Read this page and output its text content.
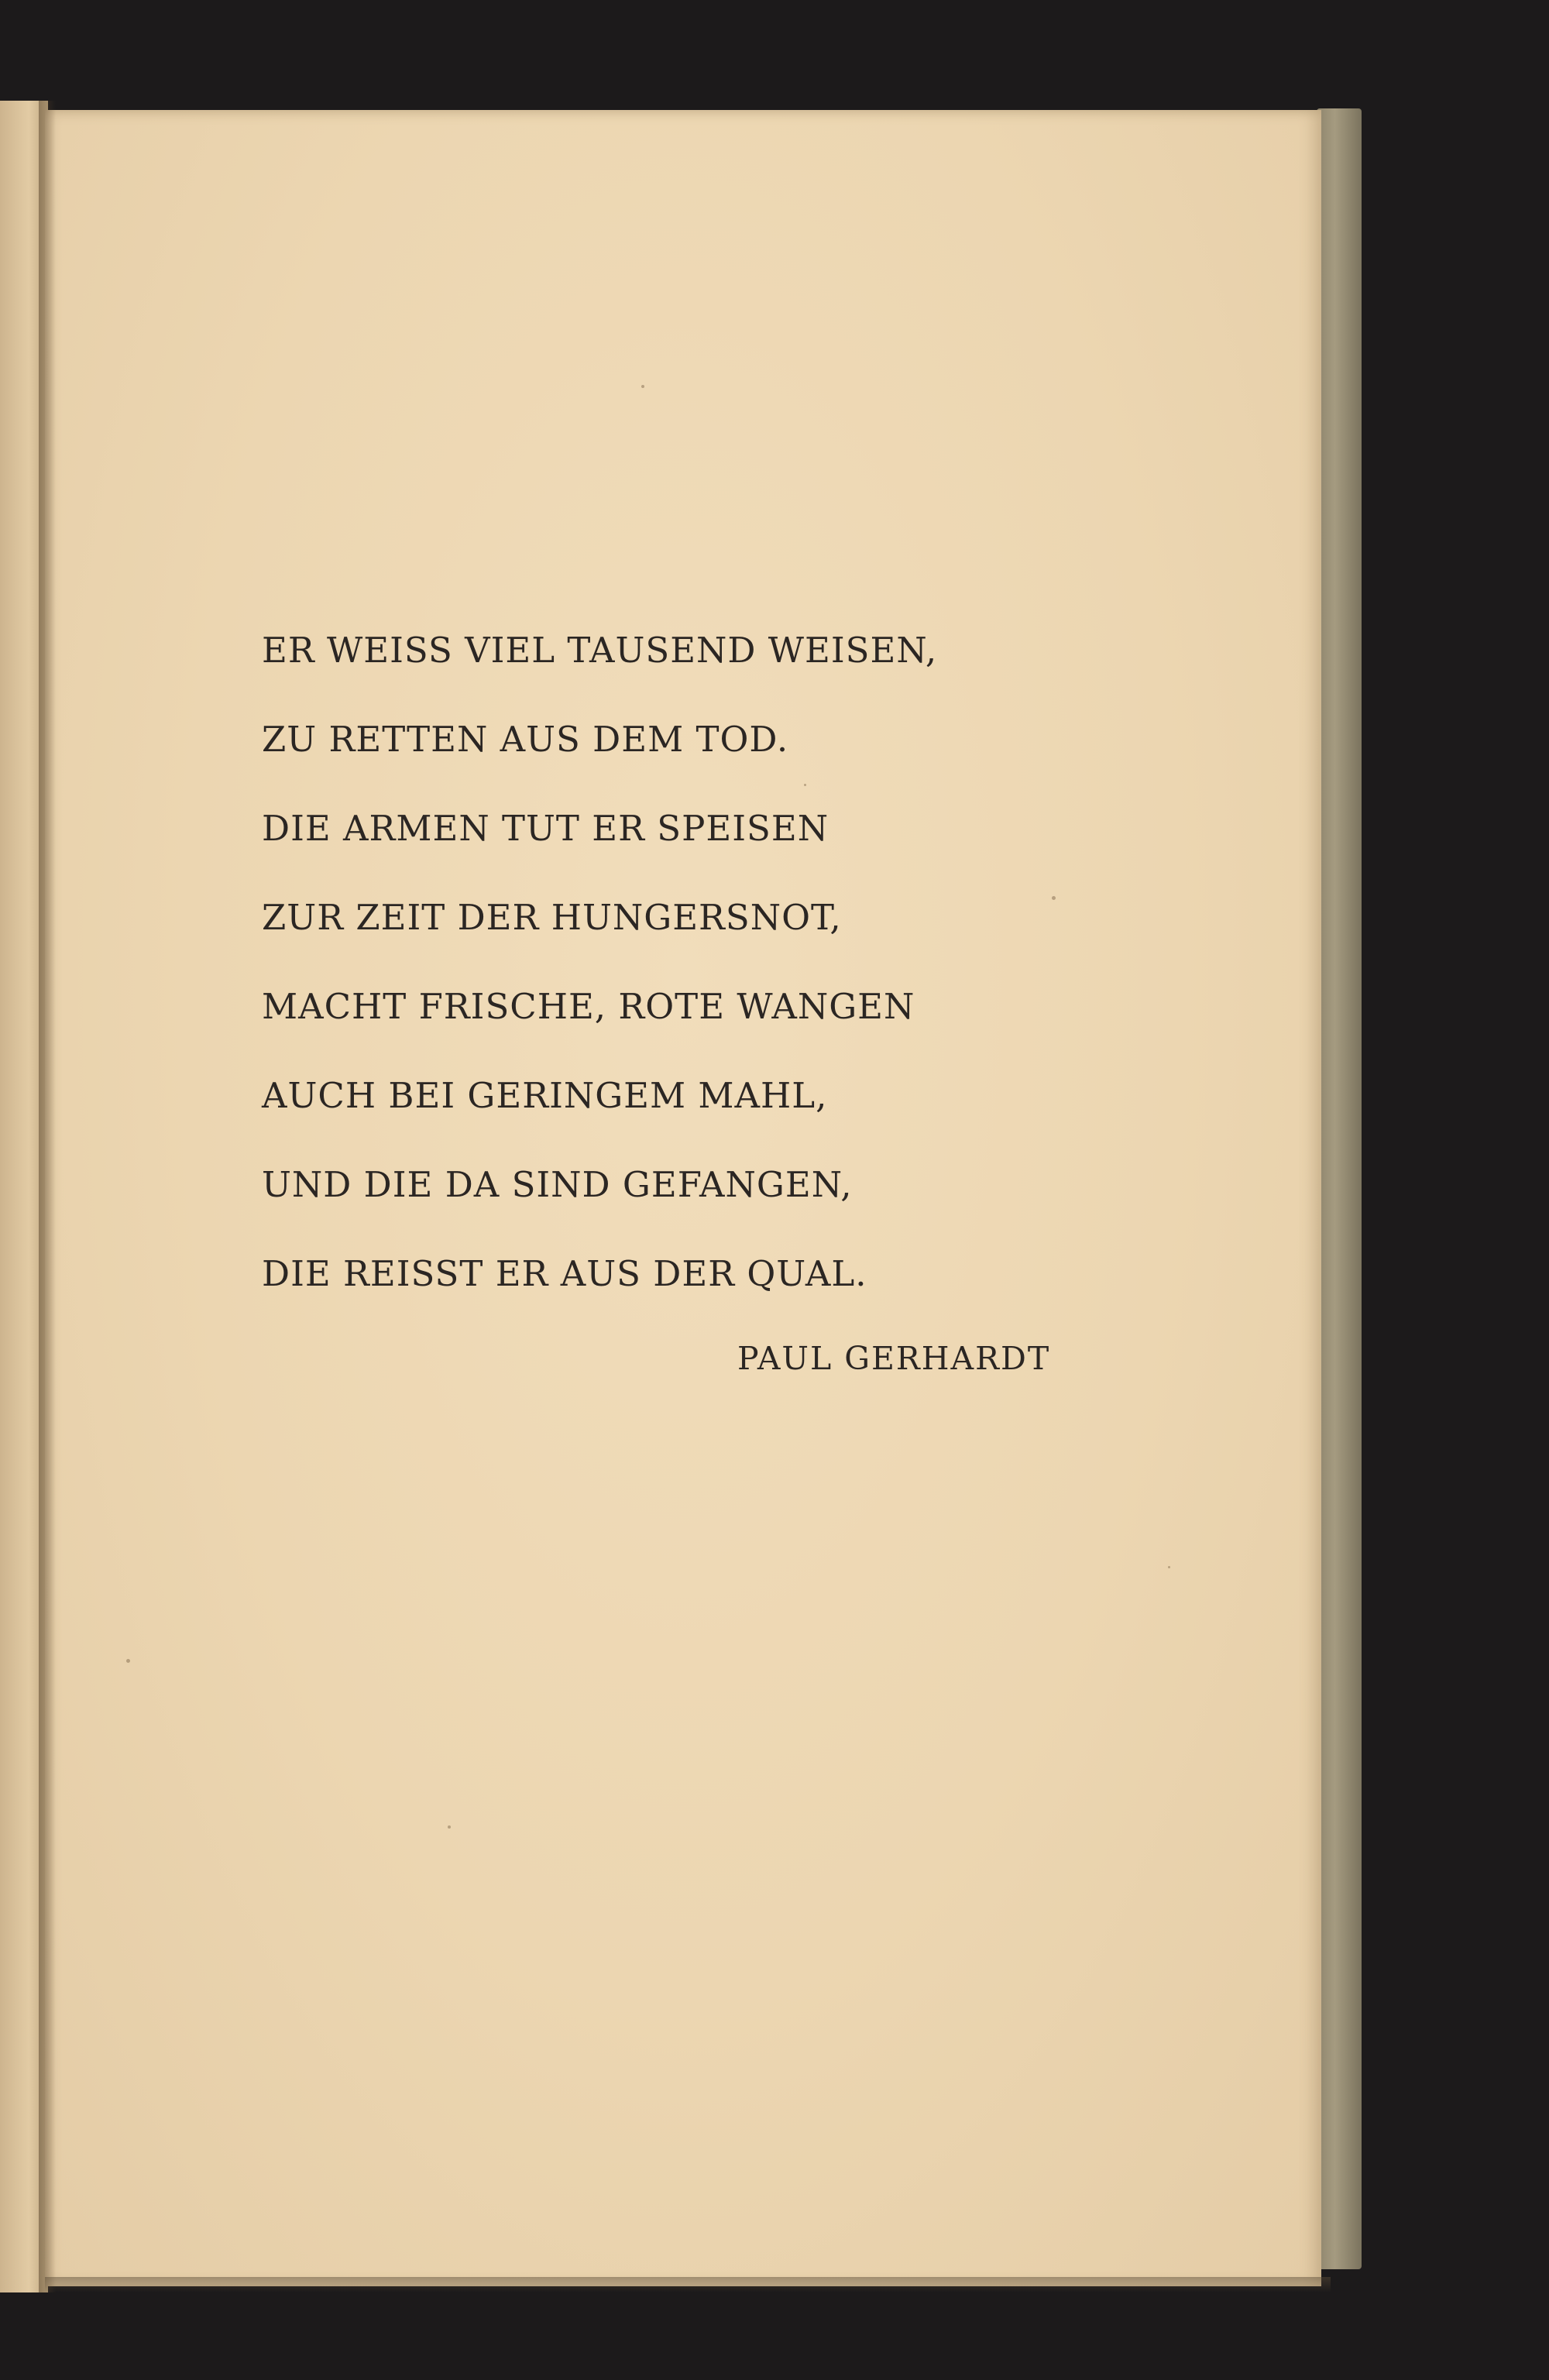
ER WEISS VIEL TAUSEND WEISEN,
ZU RETTEN AUS DEM TOD.
DIE ARMEN TUT ER SPEISEN
ZUR ZEIT DER HUNGERSNOT,
MACHT FRISCHE, ROTE WANGEN
AUCH BEI GERINGEM MAHL,
UND DIE DA SIND GEFANGEN,
DIE REISST ER AUS DER QUAL.
PAUL GERHARDT
